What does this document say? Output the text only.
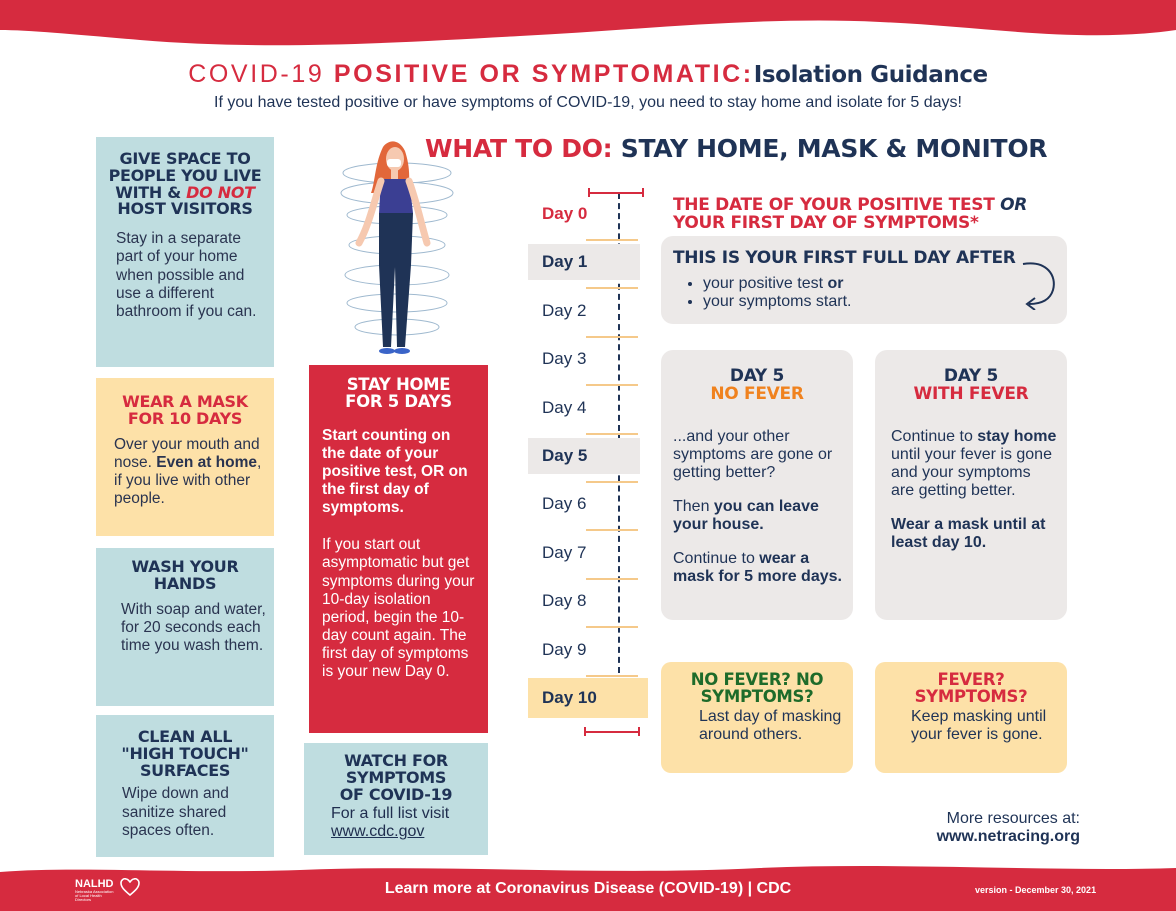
COVID-19 POSITIVE OR SYMPTOMATIC:Isolation Guidance
If you have tested positive or have symptoms of COVID-19, you need to stay home and isolate for 5 days!
GIVE SPACE TO PEOPLE YOU LIVE WITH & DO NOT HOST VISITORS
Stay in a separate part of your home when possible and use a different bathroom if you can.
WEAR A MASK FOR 10 DAYS
Over your mouth and nose. Even at home, if you live with other people.
WASH YOUR HANDS
With soap and water, for 20 seconds each time you wash them.
CLEAN ALL "HIGH TOUCH" SURFACES
Wipe down and sanitize shared spaces often.
STAY HOME FOR 5 DAYS
Start counting on the date of your positive test, OR on the first day of symptoms.
If you start out asymptomatic but get symptoms during your 10-day isolation period, begin the 10-day count again. The first day of symptoms is your new Day 0.
WATCH FOR SYMPTOMS OF COVID-19
For a full list visit
www.cdc.gov
WHAT TO DO: STAY HOME, MASK & MONITOR
Day 0
Day 1
Day 2
Day 3
Day 4
Day 5
Day 6
Day 7
Day 8
Day 9
Day 10
THE DATE OF YOUR POSITIVE TEST OR
YOUR FIRST DAY OF SYMPTOMS*
THIS IS YOUR FIRST FULL DAY AFTER
• your positive test or
• your symptoms start.
DAY 5
NO FEVER

...and your other symptoms are gone or getting better?

Then you can leave your house.

Continue to wear a mask for 5 more days.

DAY 5
WITH FEVER

Continue to stay home until your fever is gone and your symptoms are getting better.

Wear a mask until at least day 10.

NO FEVER? NO SYMPTOMS?
Last day of masking around others.
FEVER? SYMPTOMS?
Keep masking until your fever is gone.
More resources at:
www.netracing.org
NALHD
Nebraska Association of Local Health Directors
Learn more at Coronavirus Disease (COVID-19) | CDC	version - December 30, 2021
